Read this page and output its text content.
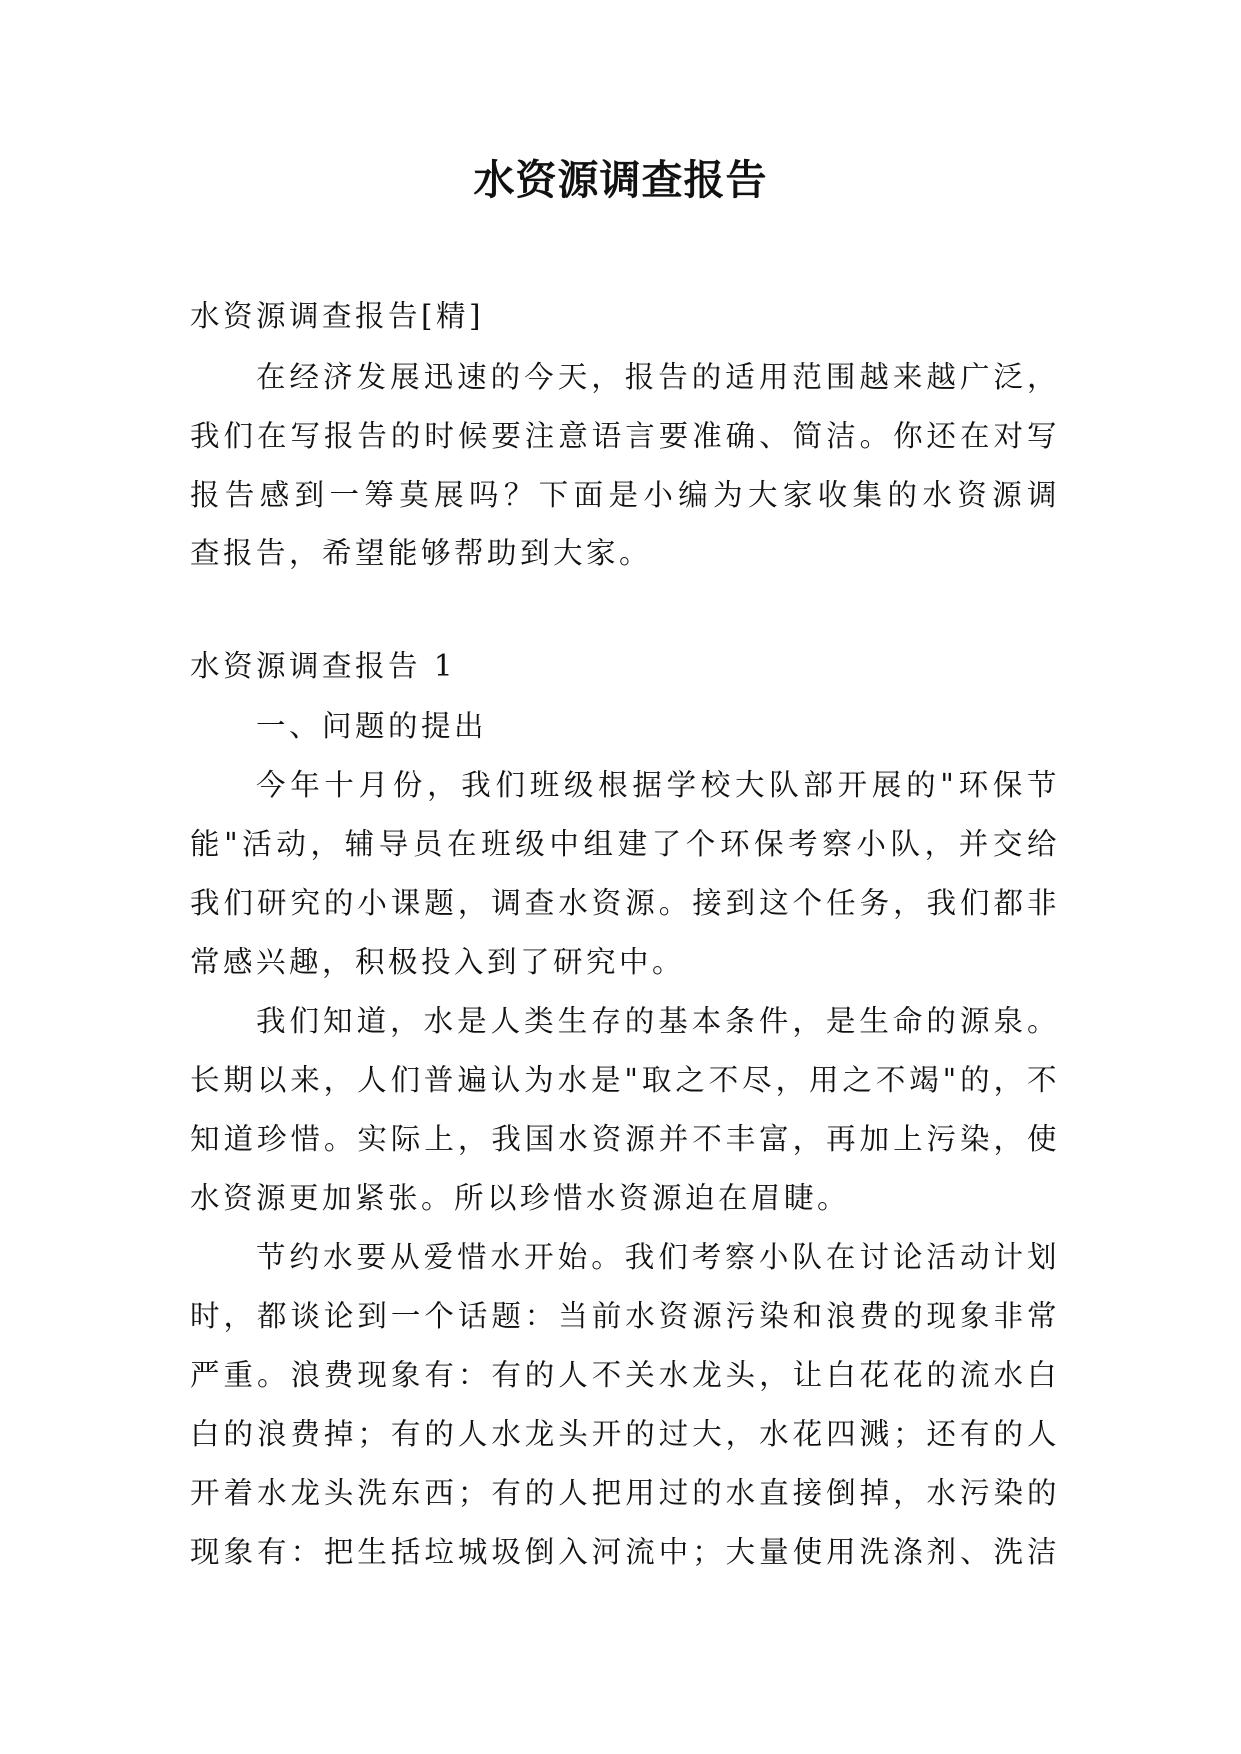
水资源调查报告
水资源调查报告[精]
在经济发展迅速的今天，报告的适用范围越来越广泛，
我们在写报告的时候要注意语言要准确、简洁。你还在对写
报告感到一筹莫展吗？下面是小编为大家收集的水资源调
查报告，希望能够帮助到大家。
水资源调查报告 1
一、问题的提出
今年十月份，我们班级根据学校大队部开展的"环保节
能"活动，辅导员在班级中组建了个环保考察小队，并交给
我们研究的小课题，调查水资源。接到这个任务，我们都非
常感兴趣，积极投入到了研究中。
我们知道，水是人类生存的基本条件，是生命的源泉。
长期以来，人们普遍认为水是"取之不尽，用之不竭"的，不
知道珍惜。实际上，我国水资源并不丰富，再加上污染，使
水资源更加紧张。所以珍惜水资源迫在眉睫。
节约水要从爱惜水开始。我们考察小队在讨论活动计划
时，都谈论到一个话题：当前水资源污染和浪费的现象非常
严重。浪费现象有：有的人不关水龙头，让白花花的流水白
白的浪费掉；有的人水龙头开的过大，水花四溅；还有的人
开着水龙头洗东西；有的人把用过的水直接倒掉，水污染的
现象有：把生括垃城圾倒入河流中；大量使用洗涤剂、洗洁
